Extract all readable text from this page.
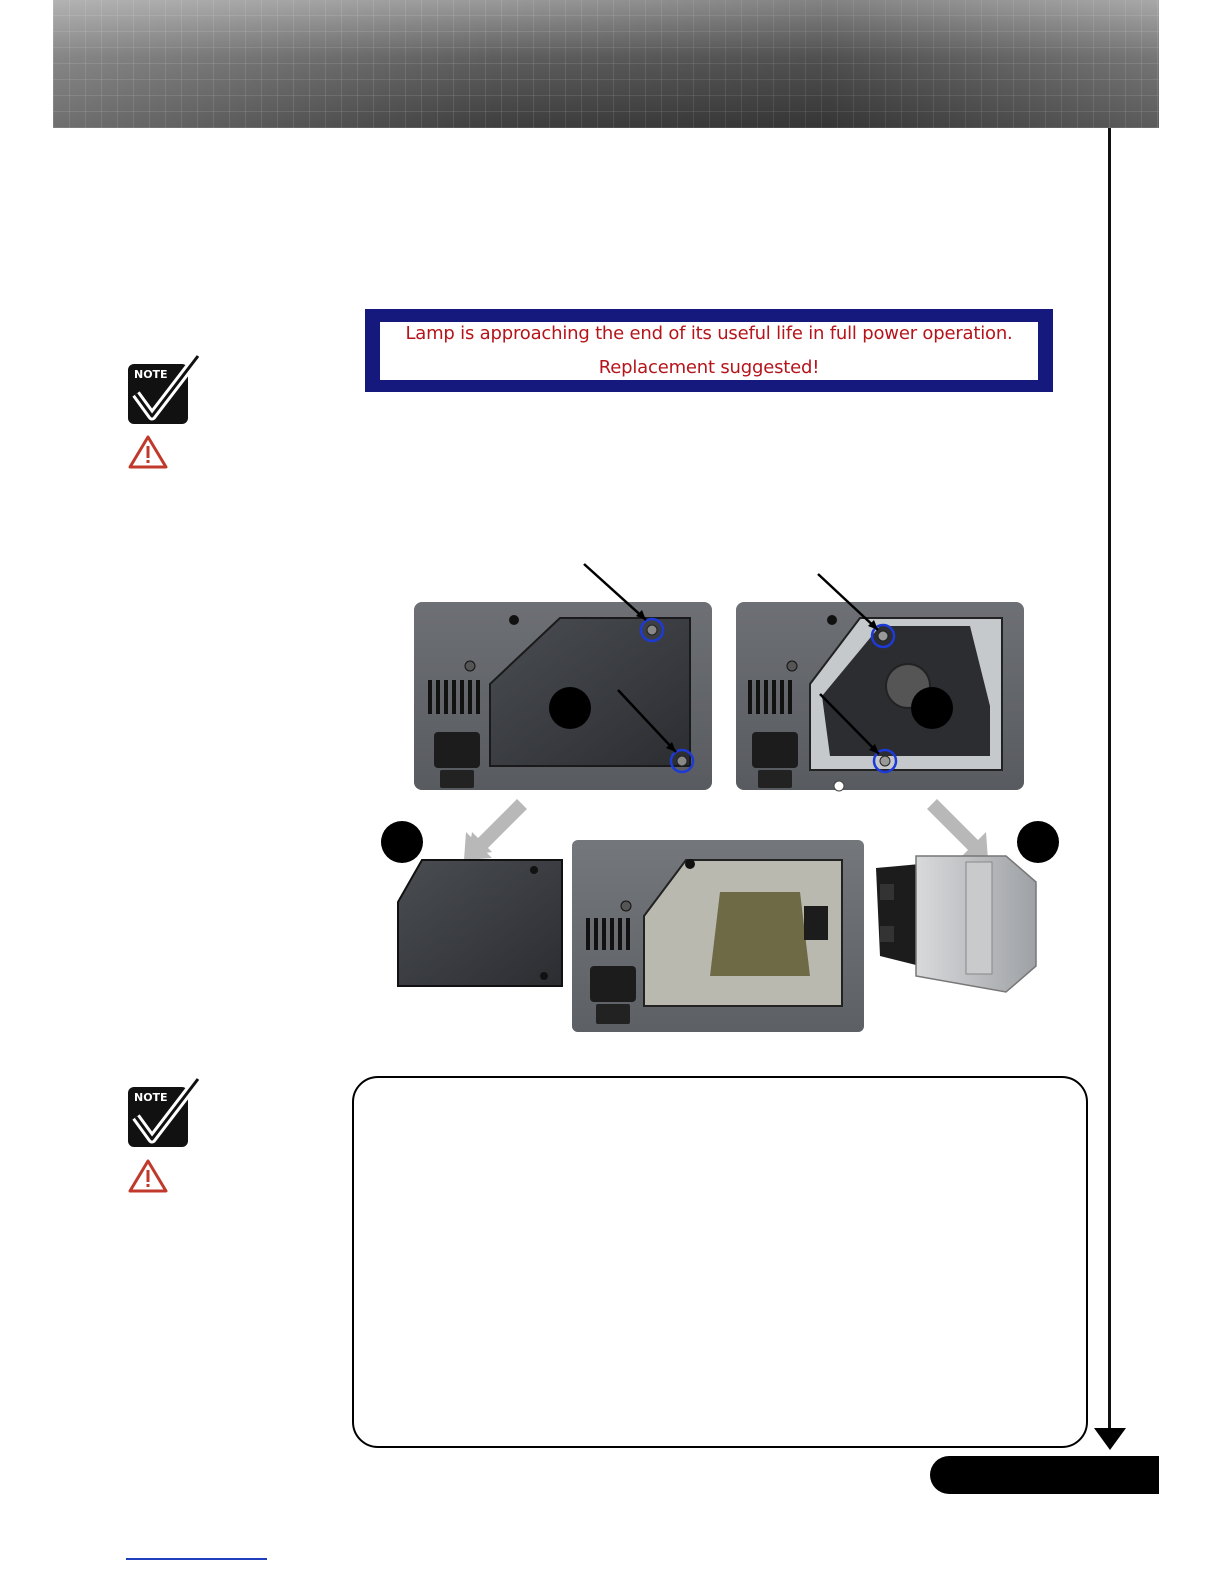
Lamp is approaching the end of its useful life in full power operation.
Replacement suggested!
NOTE
NOTE
